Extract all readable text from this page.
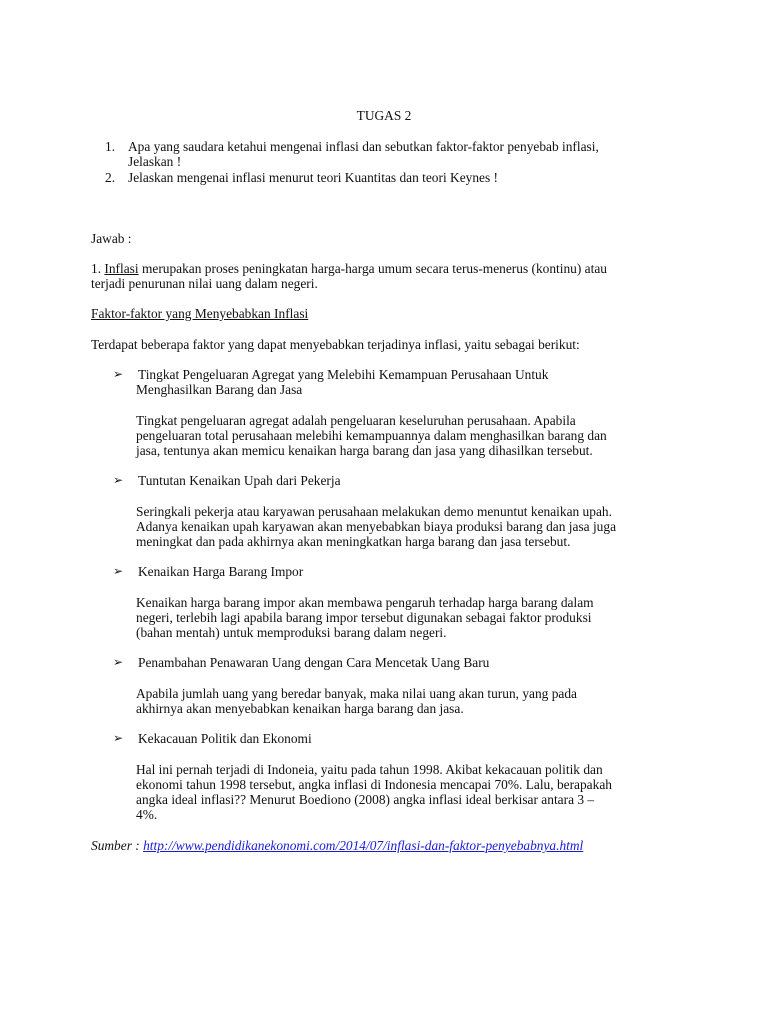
TUGAS 2
1. Apa yang saudara ketahui mengenai inflasi dan sebutkan faktor-faktor penyebab inflasi,
Jelaskan !
2. Jelaskan mengenai inflasi menurut teori Kuantitas dan teori Keynes !
Jawab :
1. Inflasi merupakan proses peningkatan harga-harga umum secara terus-menerus (kontinu) atau
terjadi penurunan nilai uang dalam negeri.
Faktor-faktor yang Menyebabkan Inflasi
Terdapat beberapa faktor yang dapat menyebabkan terjadinya inflasi, yaitu sebagai berikut:
➢ Tingkat Pengeluaran Agregat yang Melebihi Kemampuan Perusahaan Untuk
Menghasilkan Barang dan Jasa
Tingkat pengeluaran agregat adalah pengeluaran keseluruhan perusahaan. Apabila
pengeluaran total perusahaan melebihi kemampuannya dalam menghasilkan barang dan
jasa, tentunya akan memicu kenaikan harga barang dan jasa yang dihasilkan tersebut.
➢ Tuntutan Kenaikan Upah dari Pekerja
Seringkali pekerja atau karyawan perusahaan melakukan demo menuntut kenaikan upah.
Adanya kenaikan upah karyawan akan menyebabkan biaya produksi barang dan jasa juga
meningkat dan pada akhirnya akan meningkatkan harga barang dan jasa tersebut.
➢ Kenaikan Harga Barang Impor
Kenaikan harga barang impor akan membawa pengaruh terhadap harga barang dalam
negeri, terlebih lagi apabila barang impor tersebut digunakan sebagai faktor produksi
(bahan mentah) untuk memproduksi barang dalam negeri.
➢ Penambahan Penawaran Uang dengan Cara Mencetak Uang Baru
Apabila jumlah uang yang beredar banyak, maka nilai uang akan turun, yang pada
akhirnya akan menyebabkan kenaikan harga barang dan jasa.
➢ Kekacauan Politik dan Ekonomi
Hal ini pernah terjadi di Indoneia, yaitu pada tahun 1998. Akibat kekacauan politik dan
ekonomi tahun 1998 tersebut, angka inflasi di Indonesia mencapai 70%. Lalu, berapakah
angka ideal inflasi?? Menurut Boediono (2008) angka inflasi ideal berkisar antara 3 –
4%.
Sumber : http://www.pendidikanekonomi.com/2014/07/inflasi-dan-faktor-penyebabnya.html
